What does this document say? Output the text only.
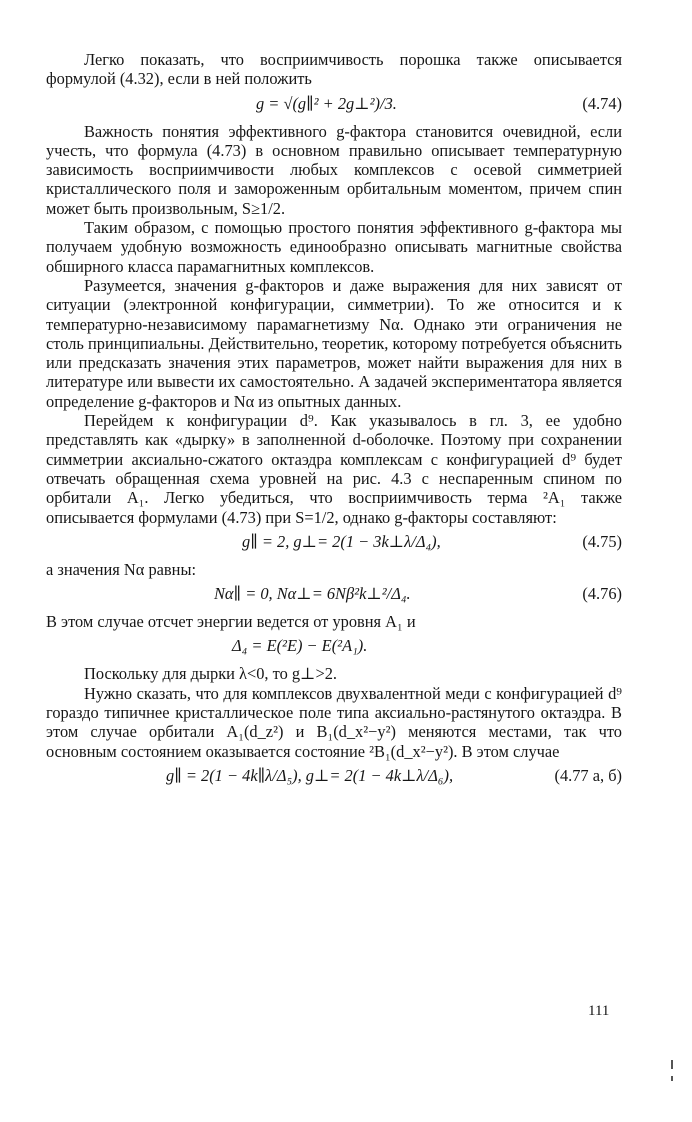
Легко показать, что восприимчивость порошка также описывается формулой (4.32), если в ней положить

g = √(g∥² + 2g⊥²)/3.	(4.74)

Важность понятия эффективного g-фактора становится очевидной, если учесть, что формула (4.73) в основном правильно описывает температурную зависимость восприимчивости любых комплексов с осевой симметрией кристаллического поля и замороженным орбитальным моментом, причем спин может быть произвольным, S≥1/2.

Таким образом, с помощью простого понятия эффективного g-фактора мы получаем удобную возможность единообразно описывать магнитные свойства обширного класса парамагнитных комплексов.

Разумеется, значения g-факторов и даже выражения для них зависят от ситуации (электронной конфигурации, симметрии). То же относится и к температурно-независимому парамагнетизму Nα. Однако эти ограничения не столь принципиальны. Действительно, теоретик, которому потребуется объяснить или предсказать значения этих параметров, может найти выражения для них в литературе или вывести их самостоятельно. А задачей экспериментатора является определение g-факторов и Nα из опытных данных.

Перейдем к конфигурации d⁹. Как указывалось в гл. 3, ее удобно представлять как «дырку» в заполненной d-оболочке. Поэтому при сохранении симметрии аксиально-сжатого октаэдра комплексам с конфигурацией d⁹ будет отвечать обращенная схема уровней на рис. 4.3 с неспаренным спином по орбитали A₁. Легко убедиться, что восприимчивость терма ²A₁ также описывается формулами (4.73) при S=1/2, однако g-факторы составляют:

g∥ = 2, g⊥= 2(1 − 3k⊥λ/Δ₄),	(4.75)

а значения Nα равны:

Nα∥ = 0, Nα⊥= 6Nβ²k⊥²/Δ₄.	(4.76)

В этом случае отсчет энергии ведется от уровня A₁ и

Δ₄ = E(²E) − E(²A₁).

Поскольку для дырки λ<0, то g⊥>2.

Нужно сказать, что для комплексов двухвалентной меди с конфигурацией d⁹ гораздо типичнее кристаллическое поле типа аксиально-растянутого октаэдра. В этом случае орбитали A₁(d_z²) и B₁(d_x²−y²) меняются местами, так что основным состоянием оказывается состояние ²B₁(d_x²−y²). В этом случае

g∥ = 2(1 − 4k∥λ/Δ₅), g⊥= 2(1 − 4k⊥λ/Δ₆),	(4.77 а, б)
111
